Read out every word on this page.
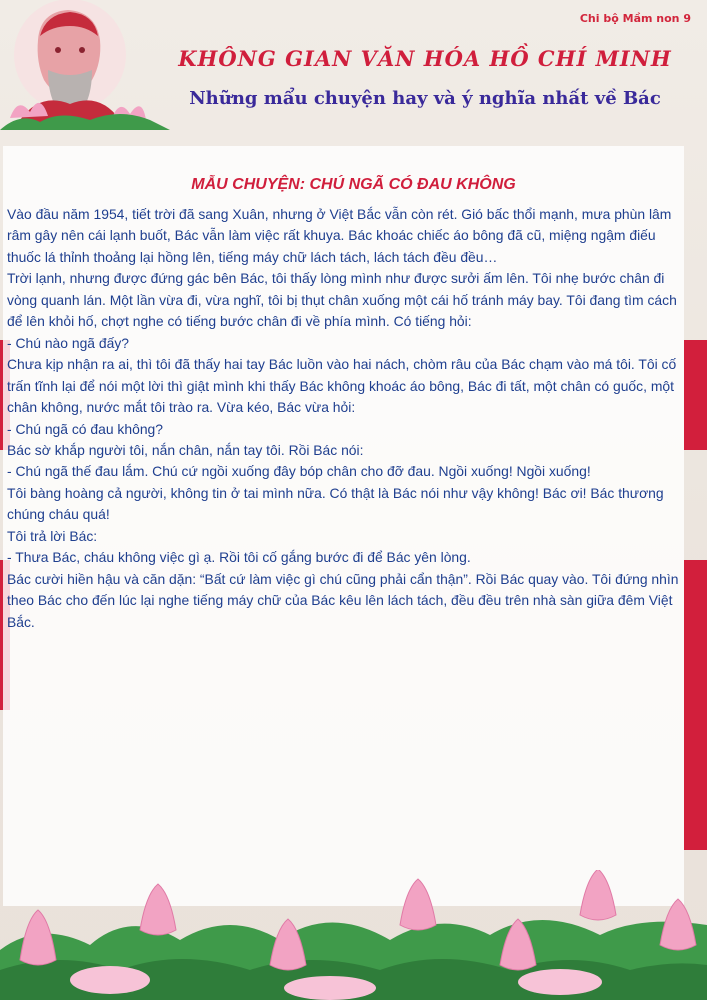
Chi bộ Mầm non 9
KHÔNG GIAN VĂN HÓA HỒ CHÍ MINH
Những mẩu chuyện hay và ý nghĩa nhất về Bác
MẪU CHUYỆN: CHÚ NGÃ CÓ ĐAU KHÔNG

Vào đầu năm 1954, tiết trời đã sang Xuân, nhưng ở Việt Bắc vẫn còn rét. Gió bấc thổi mạnh, mưa phùn lâm râm gây nên cái lạnh buốt, Bác vẫn làm việc rất khuya. Bác khoác chiếc áo bông đã cũ, miệng ngậm điếu thuốc lá thỉnh thoảng lại hồng lên, tiếng máy chữ lách tách, lách tách đều đều…

Trời lạnh, nhưng được đứng gác bên Bác, tôi thấy lòng mình như được sưởi ấm lên. Tôi nhẹ bước chân đi vòng quanh lán. Một lần vừa đi, vừa nghĩ, tôi bị thụt chân xuống một cái hố tránh máy bay. Tôi đang tìm cách để lên khỏi hố, chợt nghe có tiếng bước chân đi về phía mình. Có tiếng hỏi:

- Chú nào ngã đấy?

Chưa kịp nhận ra ai, thì tôi đã thấy hai tay Bác luồn vào hai nách, chòm râu của Bác chạm vào má tôi. Tôi cố trấn tĩnh lại để nói một lời thì giật mình khi thấy Bác không khoác áo bông, Bác đi tất, một chân có guốc, một chân không, nước mắt tôi trào ra. Vừa kéo, Bác vừa hỏi:

- Chú ngã có đau không?

Bác sờ khắp người tôi, nắn chân, nắn tay tôi. Rồi Bác nói:

- Chú ngã thế đau lắm. Chú cứ ngồi xuống đây bóp chân cho đỡ đau. Ngồi xuống! Ngồi xuống!

Tôi bàng hoàng cả người, không tin ở tai mình nữa. Có thật là Bác nói như vậy không! Bác ơi! Bác thương chúng cháu quá!

Tôi trả lời Bác:

- Thưa Bác, cháu không việc gì ạ. Rồi tôi cố gắng bước đi để Bác yên lòng.

Bác cười hiền hậu và căn dặn: “Bất cứ làm việc gì chú cũng phải cẩn thận”. Rồi Bác quay vào. Tôi đứng nhìn theo Bác cho đến lúc lại nghe tiếng máy chữ của Bác kêu lên lách tách, đều đều trên nhà sàn giữa đêm Việt Bắc.
